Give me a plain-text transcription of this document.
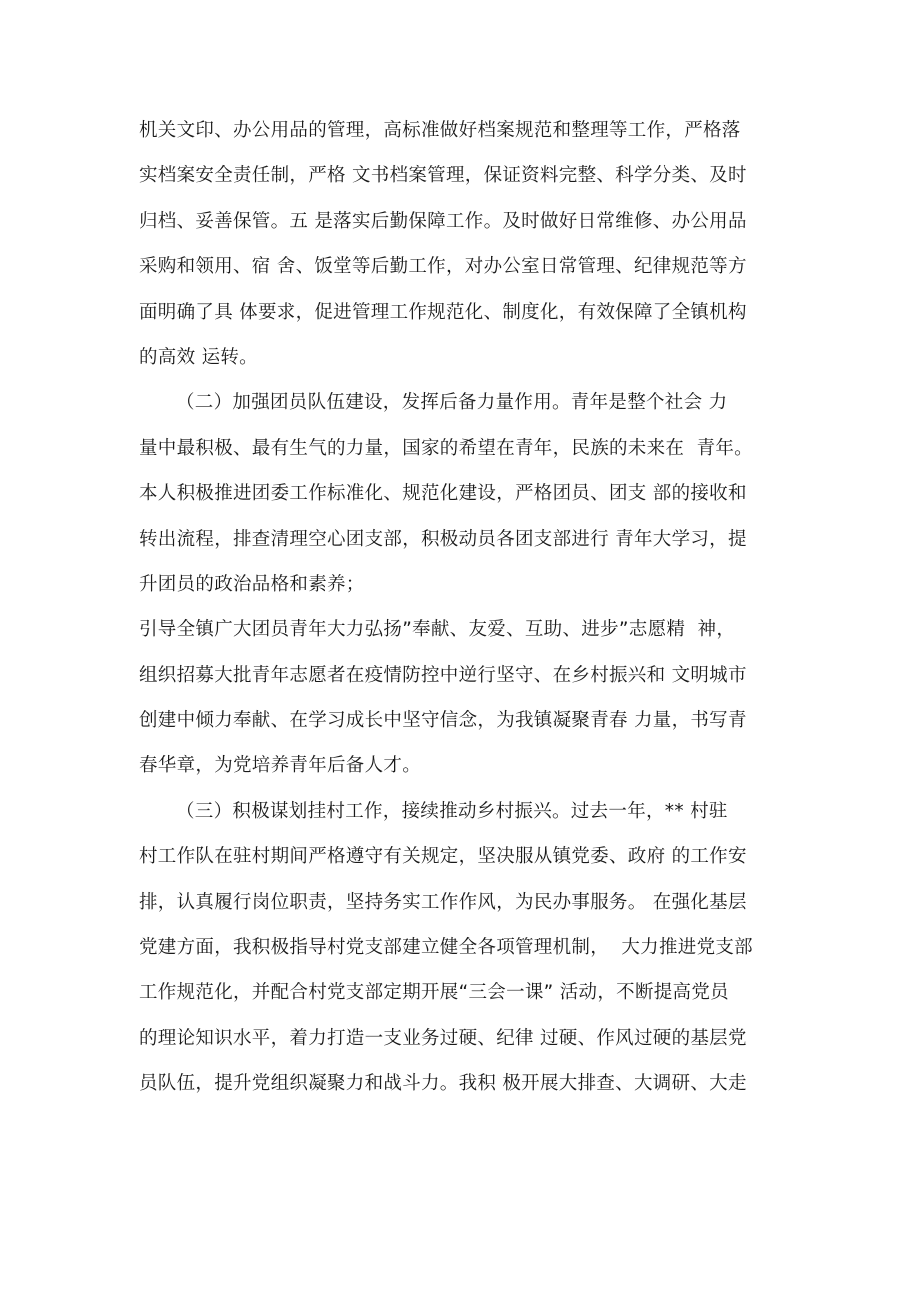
机关文印、办公用品的管理，高标准做好档案规范和整理等工作，严格落
实档案安全责任制，严格 文书档案管理，保证资料完整、科学分类、及时
归档、妥善保管。五 是落实后勤保障工作。及时做好日常维修、办公用品
采购和领用、宿 舍、饭堂等后勤工作，对办公室日常管理、纪律规范等方
面明确了具 体要求，促进管理工作规范化、制度化，有效保障了全镇机构
的高效 运转。
（二）加强团员队伍建设，发挥后备力量作用。青年是整个社会 力
量中最积极、最有生气的力量，国家的希望在青年，民族的未来在  青年。
本人积极推进团委工作标准化、规范化建设，严格团员、团支 部的接收和
转出流程，排查清理空心团支部，积极动员各团支部进行 青年大学习，提
升团员的政治品格和素养；
引导全镇广大团员青年大力弘扬”奉献、友爱、互助、进步”志愿精  神，
组织招募大批青年志愿者在疫情防控中逆行坚守、在乡村振兴和 文明城市
创建中倾力奉献、在学习成长中坚守信念，为我镇凝聚青春 力量，书写青
春华章，为党培养青年后备人才。
（三）积极谋划挂村工作，接续推动乡村振兴。过去一年，** 村驻
村工作队在驻村期间严格遵守有关规定，坚决服从镇党委、政府 的工作安
排，认真履行岗位职责，坚持务实工作作风，为民办事服务。 在强化基层
党建方面，我积极指导村党支部建立健全各项管理机制，  大力推进党支部
工作规范化，并配合村党支部定期开展“三会一课” 活动，不断提高党员
的理论知识水平，着力打造一支业务过硬、纪律 过硬、作风过硬的基层党
员队伍，提升党组织凝聚力和战斗力。我积 极开展大排查、大调研、大走
